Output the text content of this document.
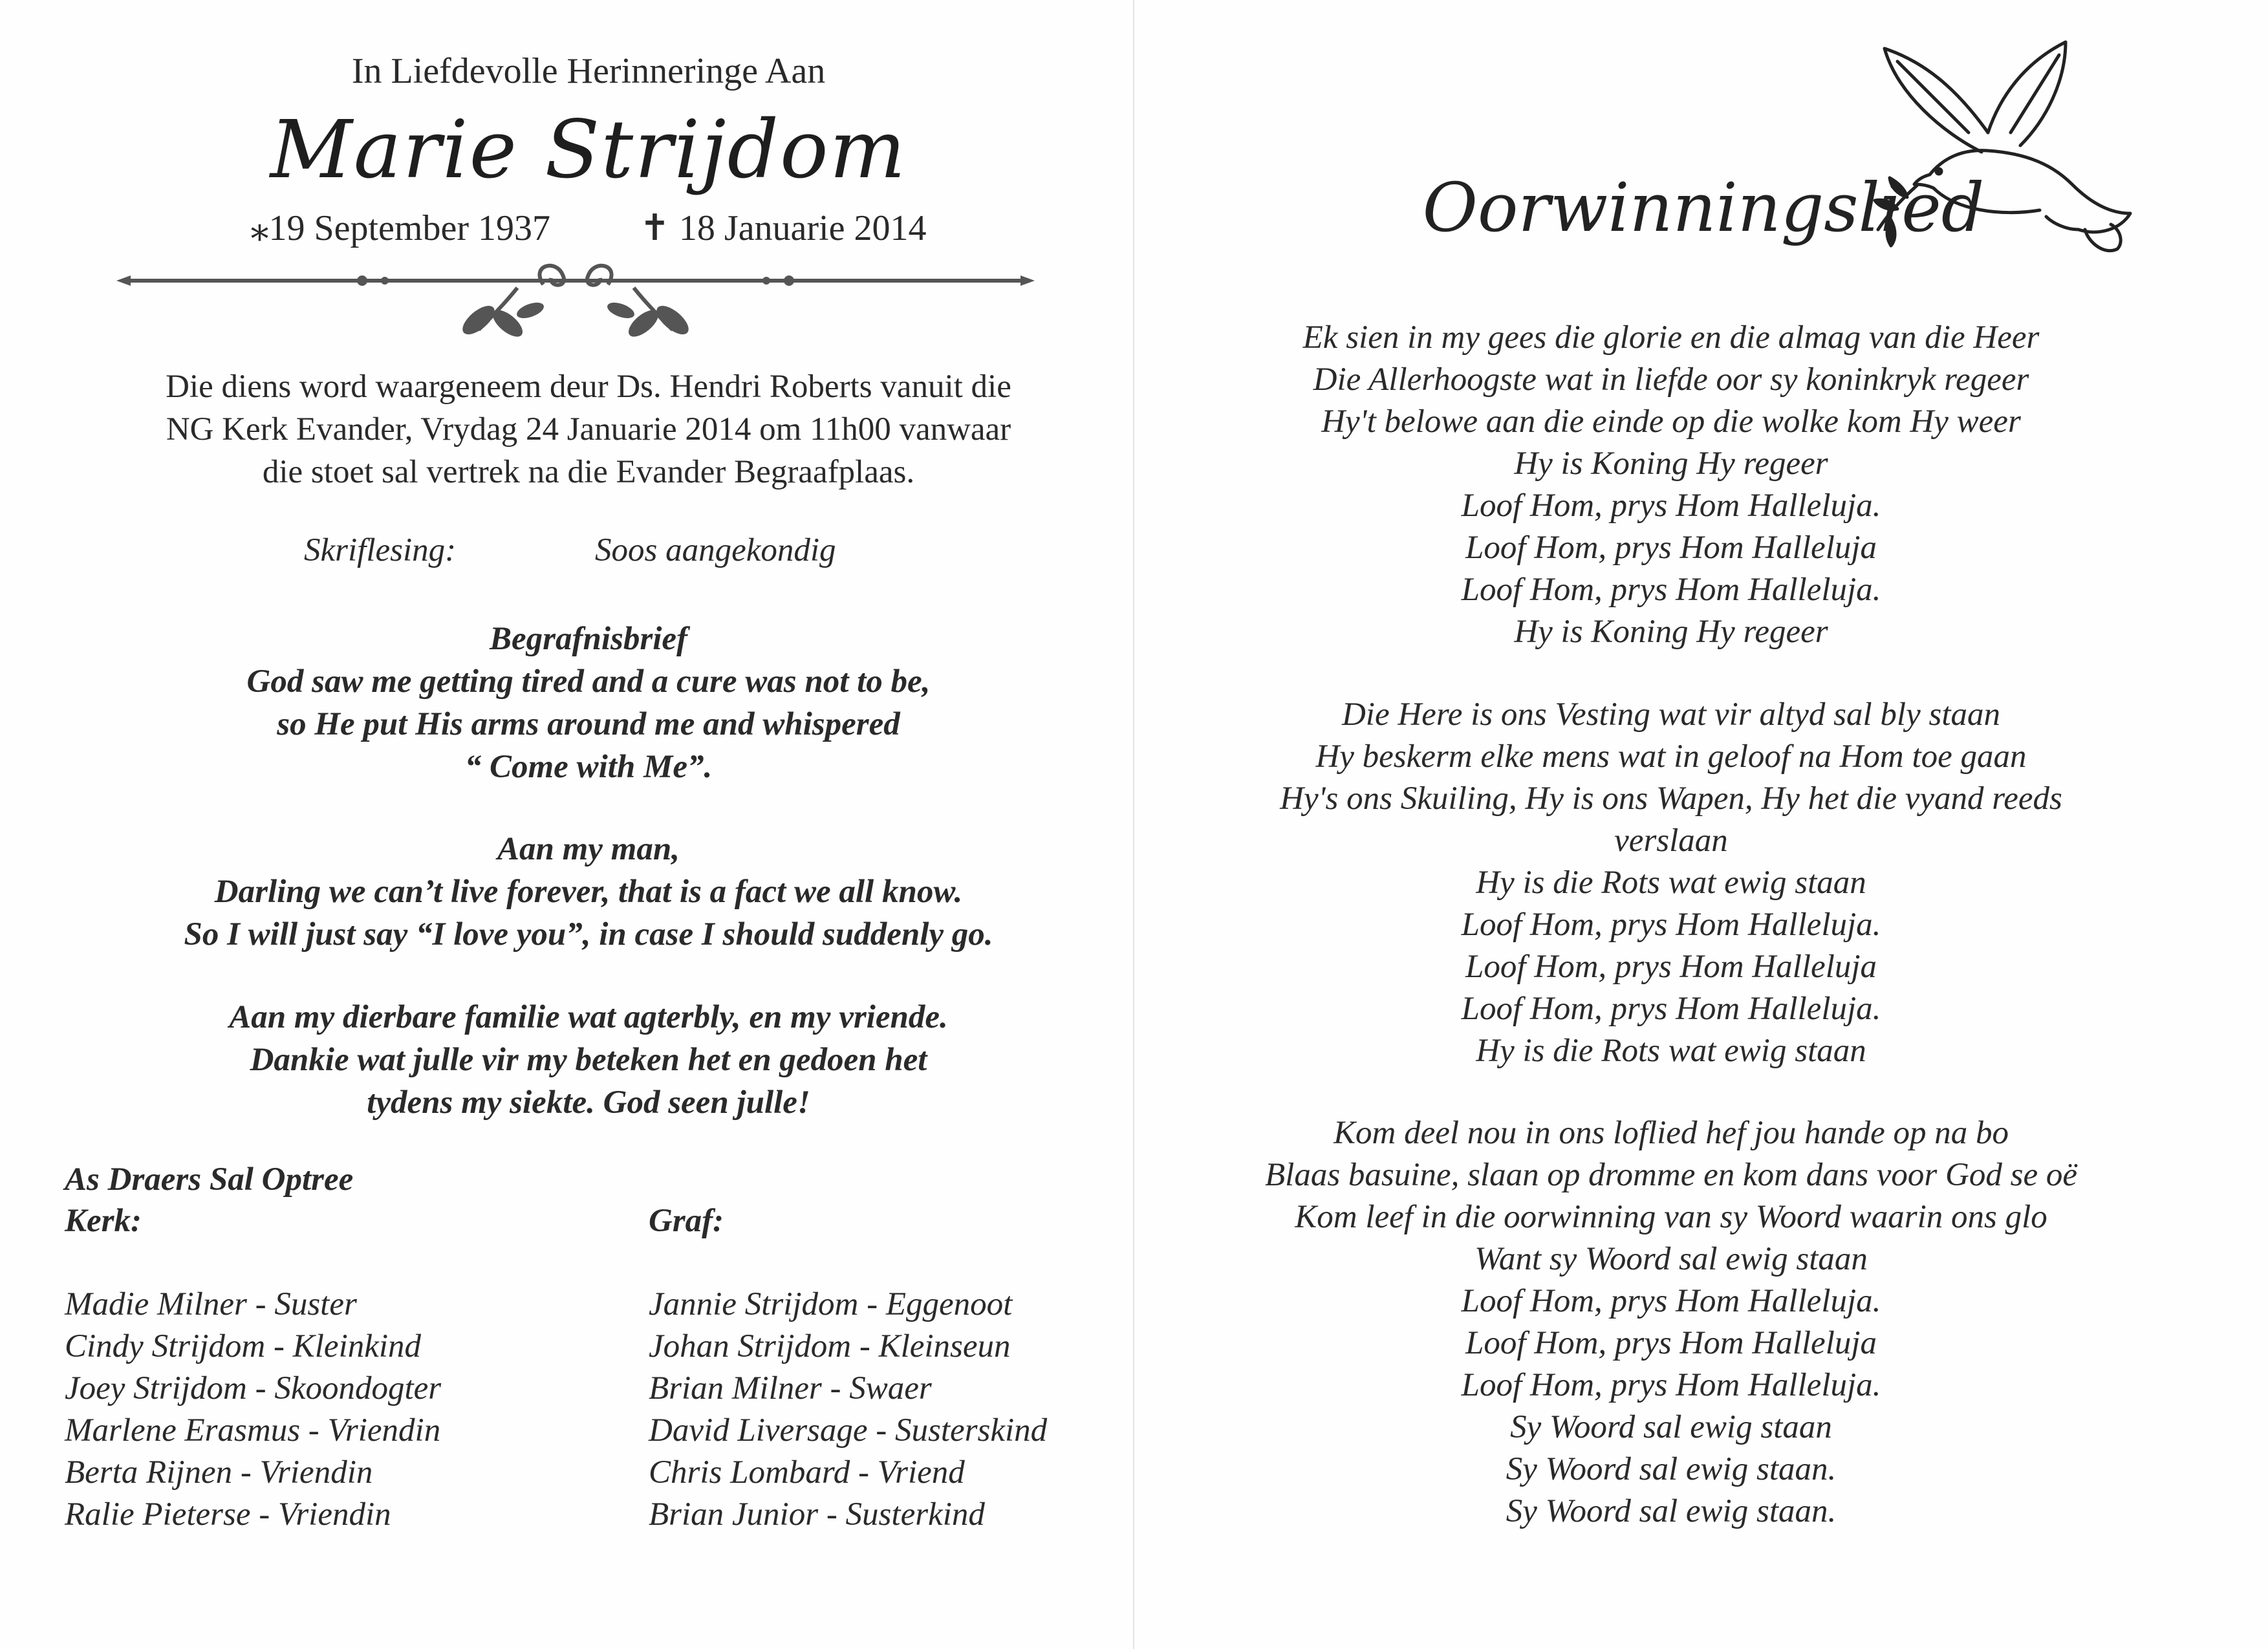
In Liefdevolle Herinneringe Aan
Marie Strijdom
⁎19 September 1937 ✝ 18 Januarie 2014
Die diens word waargeneem deur Ds. Hendri Roberts vanuit die
NG Kerk Evander, Vrydag 24 Januarie 2014 om 11h00 vanwaar
die stoet sal vertrek na die Evander Begraafplaas.
Skriflesing:	Soos aangekondig
Begrafnisbrief
God saw me getting tired and a cure was not to be,
so He put His arms around me and whispered
“ Come with Me”.
Aan my man,
Darling we can’t live forever, that is a fact we all know.
So I will just say “I love you”, in case I should suddenly go.
Aan my dierbare familie wat agterbly, en my vriende.
Dankie wat julle vir my beteken het en gedoen het
tydens my siekte. God seen julle!
As Draers Sal Optree
Kerk:	Graf:
Madie Milner - Suster
Cindy Strijdom - Kleinkind
Joey Strijdom - Skoondogter
Marlene Erasmus - Vriendin
Berta Rijnen - Vriendin
Ralie Pieterse - Vriendin
Jannie Strijdom - Eggenoot
Johan Strijdom - Kleinseun
Brian Milner - Swaer
David Liversage - Susterskind
Chris Lombard - Vriend
Brian Junior - Susterkind
Oorwinningslied
Ek sien in my gees die glorie en die almag van die Heer
Die Allerhoogste wat in liefde oor sy koninkryk regeer
Hy't belowe aan die einde op die wolke kom Hy weer
Hy is Koning Hy regeer
Loof Hom, prys Hom Halleluja.
Loof Hom, prys Hom Halleluja
Loof Hom, prys Hom Halleluja.
Hy is Koning Hy regeer
Die Here is ons Vesting wat vir altyd sal bly staan
Hy beskerm elke mens wat in geloof na Hom toe gaan
Hy's ons Skuiling, Hy is ons Wapen, Hy het die vyand reeds
verslaan
Hy is die Rots wat ewig staan
Loof Hom, prys Hom Halleluja.
Loof Hom, prys Hom Halleluja
Loof Hom, prys Hom Halleluja.
Hy is die Rots wat ewig staan
Kom deel nou in ons loflied hef jou hande op na bo
Blaas basuine, slaan op dromme en kom dans voor God se oë
Kom leef in die oorwinning van sy Woord waarin ons glo
Want sy Woord sal ewig staan
Loof Hom, prys Hom Halleluja.
Loof Hom, prys Hom Halleluja
Loof Hom, prys Hom Halleluja.
Sy Woord sal ewig staan
Sy Woord sal ewig staan.
Sy Woord sal ewig staan.
